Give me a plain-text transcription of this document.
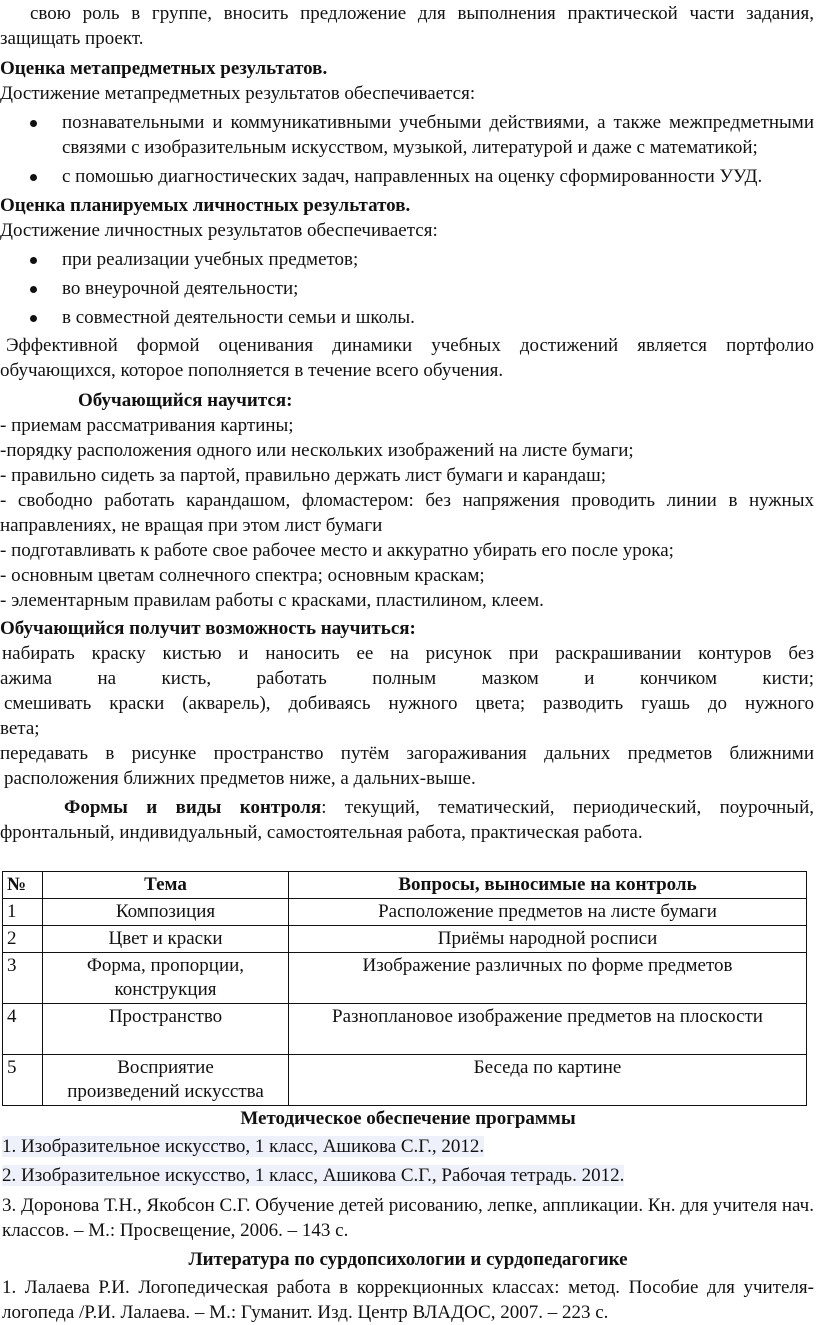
свою роль в группе, вносить предложение для выполнения практической части задания, защищать проект.

Оценка метапредметных результатов.

Достижение метапредметных результатов обеспечивается:

познавательными и коммуникативными учебными действиями, а также межпредметными связями с изобразительным искусством, музыкой, литературой и даже с математикой;
с помошью диагностических задач, направленных на оценку сформированности УУД.

Оценка планируемых личностных результатов.

Достижение личностных результатов обеспечивается:

при реализации учебных предметов;
во внеурочной деятельности;
в совместной деятельности семьи и школы.

Эффективной формой оценивания динамики учебных достижений является портфолио обучающихся, которое пополняется в течение всего обучения.

Обучающийся научится:

- приемам рассматривания картины;

-порядку расположения одного или нескольких изображений на листе бумаги;

- правильно сидеть за партой, правильно держать лист бумаги и карандаш;

- свободно работать карандашом, фломастером: без напряжения проводить линии в нужных направлениях, не вращая при этом лист бумаги

- подготавливать к работе свое рабочее место и аккуратно убирать его после урока;

- основным цветам солнечного спектра; основным краскам;

- элементарным правилам работы с красками, пластилином, клеем.

Обучающийся получит возможность научиться:

набирать краску кистью и наносить ее на рисунок при раскрашивании контуров без

ажима на кисть, работать полным мазком и кончиком кисти;

смешивать краски (акварель), добиваясь нужного цвета; разводить гуашь до нужного

вета;

передавать в рисунке пространство путём загораживания дальних предметов ближними

расположения ближних предметов ниже, а дальних-выше.

Формы и виды контроля: текущий, тематический, периодический, поурочный, фронтальный, индивидуальный, самостоятельная работа, практическая работа.

№	Тема	Вопросы, выносимые на контроль
1	Композиция	Расположение предметов на листе бумаги
2	Цвет и краски	Приёмы народной росписи
3	Форма, пропорции, конструкция	Изображение различных по форме предметов
4	Пространство	Разноплановое изображение предметов на плоскости
5	Восприятие произведений искусства	Беседа по картине

Методическое обеспечение программы

1. Изобразительное искусство, 1 класс, Ашикова С.Г., 2012.
2. Изобразительное искусство, 1 класс, Ашикова С.Г., Рабочая тетрадь. 2012.
3. Доронова Т.Н., Якобсон С.Г. Обучение детей рисованию, лепке, аппликации. Кн. для учителя нач. классов. – М.: Просвещение, 2006. – 143 с.

Литература по сурдопсихологии и сурдопедагогике

1. Лалаева Р.И. Логопедическая работа в коррекционных классах: метод. Пособие для учителя-логопеда /Р.И. Лалаева. – М.: Гуманит. Изд. Центр ВЛАДОС, 2007. – 223 с.
